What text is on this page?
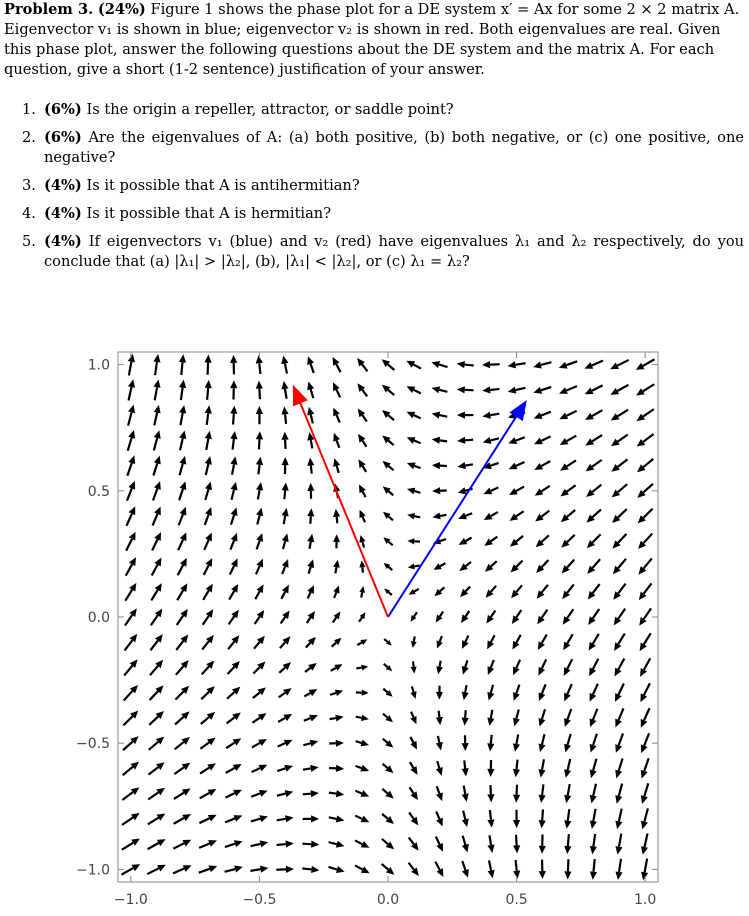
Problem 3. (24%) Figure 1 shows the phase plot for a DE system x′ = Ax for some 2 × 2 matrix A. Eigenvector v₁ is shown in blue; eigenvector v₂ is shown in red. Both eigenvalues are real. Given this phase plot, answer the following questions about the DE system and the matrix A. For each question, give a short (1-2 sentence) justification of your answer.
1. (6%) Is the origin a repeller, attractor, or saddle point?
2. (6%) Are the eigenvalues of A: (a) both positive, (b) both negative, or (c) one positive, one negative?
3. (4%) Is it possible that A is antihermitian?
4. (4%) Is it possible that A is hermitian?
5. (4%) If eigenvectors v₁ (blue) and v₂ (red) have eigenvalues λ₁ and λ₂ respectively, do you conclude that (a) |λ₁| > |λ₂|, (b), |λ₁| < |λ₂|, or (c) λ₁ = λ₂?
−1.0	−0.5	0.0	0.5	1.0
−1.0
−0.5
0.0
0.5
1.0
